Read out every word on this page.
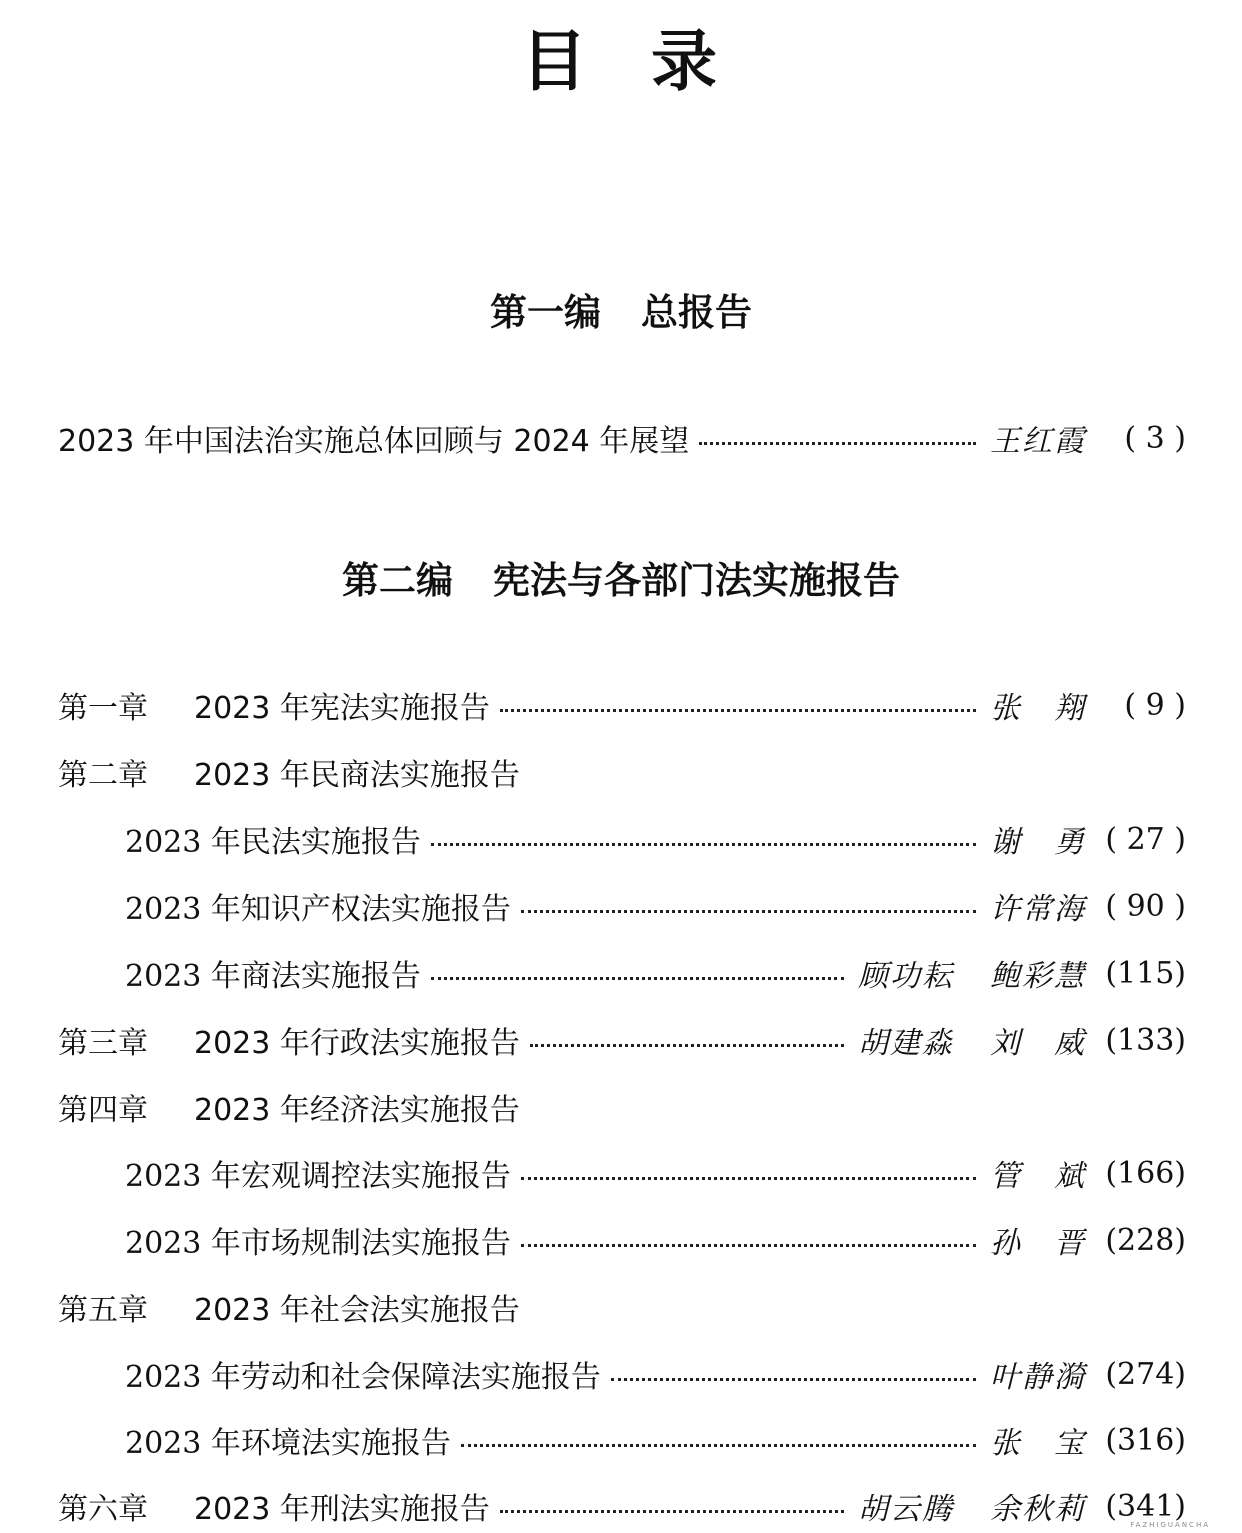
目 录
第一编 总报告
2023 年中国法治实施总体回顾与 2024 年展望	王红霞	( 3 )
第二编 宪法与各部门法实施报告
第一章	2023 年宪法实施报告	张　翔	( 9 )
第二章	2023 年民商法实施报告
2023 年民法实施报告	谢　勇 ( 27 )
2023 年知识产权法实施报告	许常海 ( 90 )
2023 年商法实施报告	顾功耘 鲍彩慧 (115)
第三章	2023 年行政法实施报告	胡建淼 刘　威 (133)
第四章	2023 年经济法实施报告
2023 年宏观调控法实施报告	管　斌 (166)
2023 年市场规制法实施报告	孙　晋 (228)
第五章	2023 年社会法实施报告
2023 年劳动和社会保障法实施报告	叶静漪 (274)
2023 年环境法实施报告	张　宝 (316)
第六章	2023 年刑法实施报告	胡云腾 余秋莉 (341)
FAZHIGUANCHA
